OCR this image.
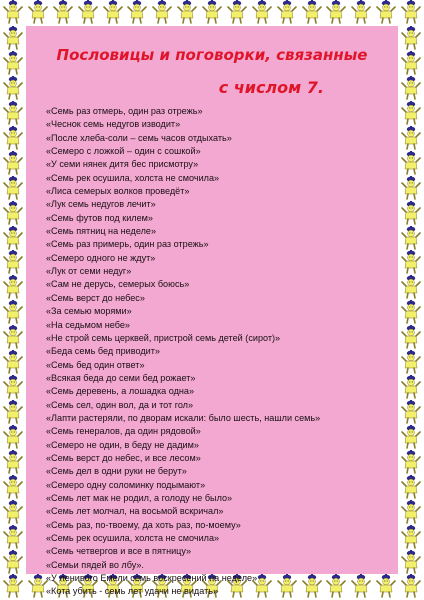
Пословицы и поговорки, связанные
с числом 7.
«Семь раз отмерь, один раз отрежь»
«Чеснок семь недугов изводит»
«После хлеба-соли – семь часов отдыхать»
«Семеро с ложкой – один с сошкой»
«У семи нянек дитя бес присмотру»
«Семь рек осушила, холста не смочила»
«Лиса семерых волков проведёт»
«Лук семь недугов лечит»
«Семь футов под килем»
«Семь пятниц на неделе»
«Семь раз примерь, один раз отрежь»
«Семеро одного не ждут»
«Лук от семи недуг»
«Сам не дерусь, семерых боюсь»
«Семь верст до небес»
«За семью морями»
«На седьмом небе»
«Не строй семь церквей, пристрой семь детей (сирот)»
«Беда семь бед приводит»
«Семь бед один ответ»
«Всякая беда до семи бед рожает»
«Семь деревень, а лошадка одна»
«Семь сел, один вол, да и тот гол»
«Лапти растеряли, по дворам искали: было шесть, нашли семь»
«Семь генералов, да один рядовой»
«Семеро не один, в беду не дадим»
«Семь верст до небес, и все лесом»
«Семь дел в одни руки не берут»
«Семеро одну соломинку подымают»
«Семь лет мак не родил, а голоду не было»
«Семь лет молчал, на восьмой вскричал»
«Семь раз, по-твоему, да хоть раз, по-моему»
«Семь рек осушила, холста не смочила»
«Семь четвергов и все в пятницу»
«Семьи пядей во лбу».
«У ленивого Емели семь воскресений на неделе»
«Кота убить - семь лет удачи не видать»
